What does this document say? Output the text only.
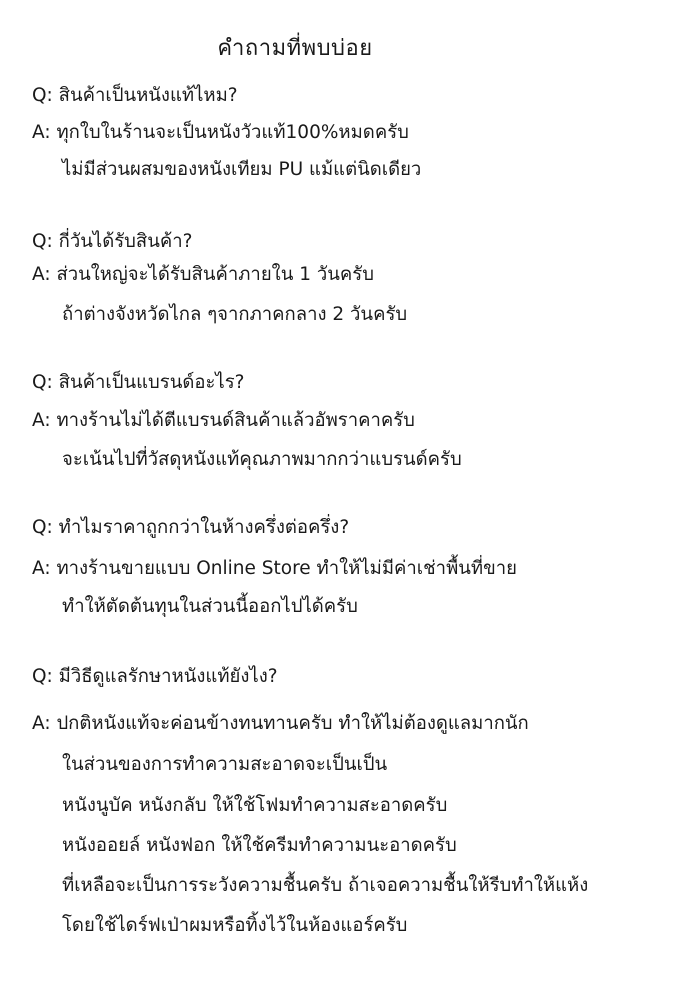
คำถามที่พบบ่อย
Q: สินค้าเป็นหนังแท้ไหม?
A: ทุกใบในร้านจะเป็นหนังวัวแท้100%หมดครับ
ไม่มีส่วนผสมของหนังเทียม PU แม้แต่นิดเดียว
Q: กี่วันได้รับสินค้า?
A: ส่วนใหญ่จะได้รับสินค้าภายใน 1 วันครับ
ถ้าต่างจังหวัดไกล ๆจากภาคกลาง 2 วันครับ
Q: สินค้าเป็นแบรนด์อะไร?
A: ทางร้านไม่ได้ตีแบรนด์สินค้าแล้วอัพราคาครับ
จะเน้นไปที่วัสดุหนังแท้คุณภาพมากกว่าแบรนด์ครับ
Q: ทำไมราคาถูกกว่าในห้างครึ่งต่อครึ่ง?
A: ทางร้านขายแบบ Online Store ทำให้ไม่มีค่าเช่าพื้นที่ขาย
ทำให้ตัดต้นทุนในส่วนนี้ออกไปได้ครับ
Q: มีวิธีดูแลรักษาหนังแท้ยังไง?
A: ปกติหนังแท้จะค่อนข้างทนทานครับ ทำให้ไม่ต้องดูแลมากนัก
ในส่วนของการทำความสะอาดจะเป็นเป็น
หนังนูบัค หนังกลับ ให้ใช้โฟมทำความสะอาดครับ
หนังออยล์ หนังฟอก ให้ใช้ครีมทำความนะอาดครับ
ที่เหลือจะเป็นการระวังความชื้นครับ ถ้าเจอความชื้นให้รีบทำให้แห้ง
โดยใช้ไดร์ฟเป่าผมหรือทิ้งไว้ในห้องแอร์ครับ
